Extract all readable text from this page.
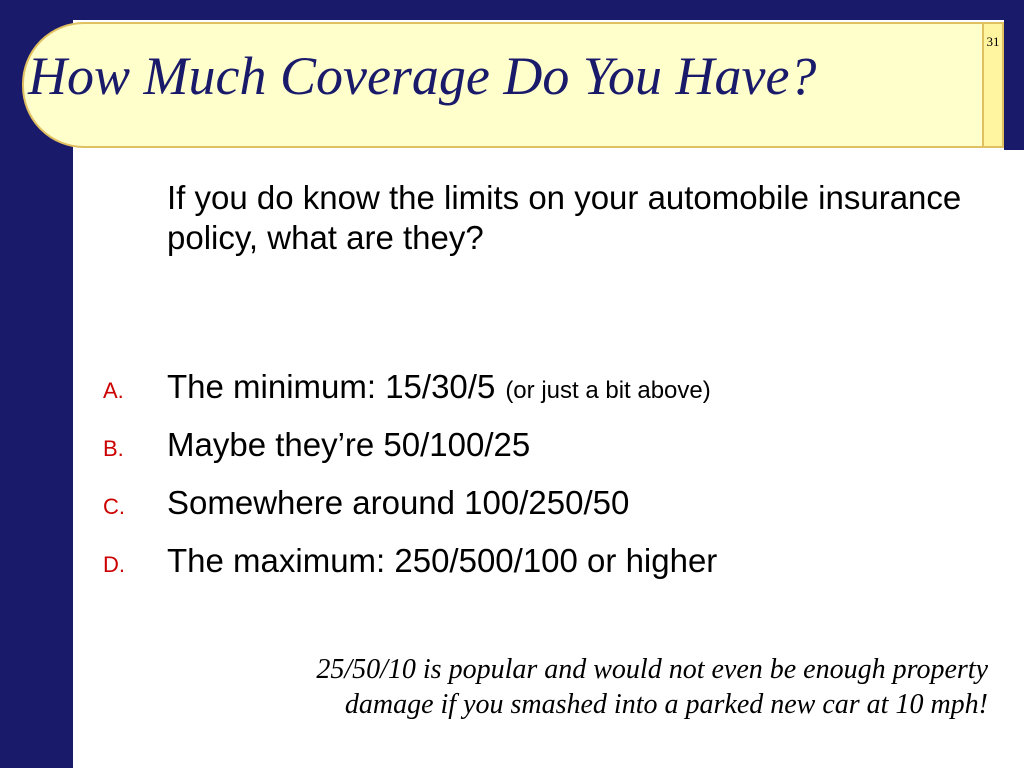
31
How Much Coverage Do You Have?
If you do know the limits on your automobile insurance policy, what are they?
A.	The minimum: 15/30/5 (or just a bit above)
B.	Maybe they’re 50/100/25
C.	Somewhere around 100/250/50
D.	The maximum: 250/500/100 or higher
25/50/10 is popular and would not even be enough property
damage if you smashed into a parked new car at 10 mph!
